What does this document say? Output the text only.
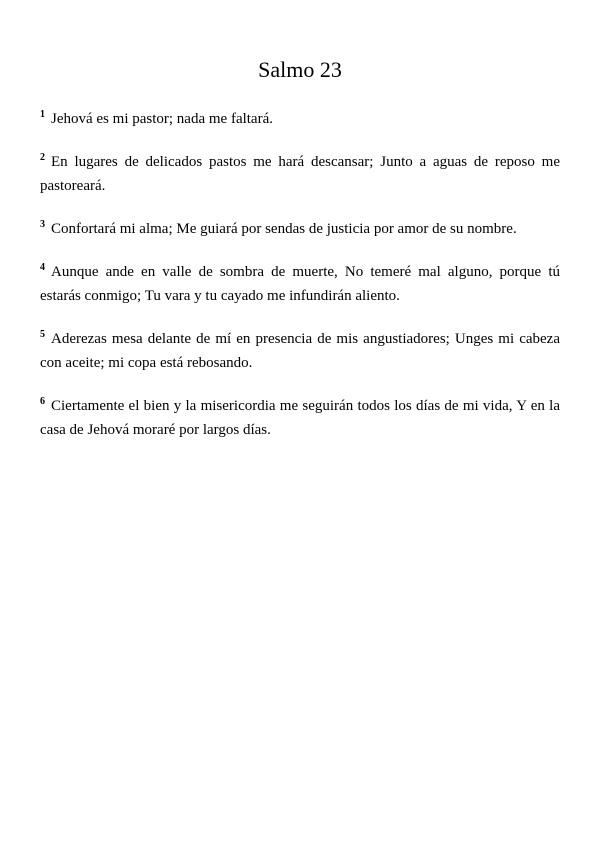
Salmo 23

$^1$ Jehová es mi pastor; nada me faltará.

$^2$ En lugares de delicados pastos me hará descansar; Junto a aguas de reposo me pastoreará.

$^3$ Confortará mi alma; Me guiará por sendas de justicia por amor de su nombre.

$^4$ Aunque ande en valle de sombra de muerte, No temeré mal alguno, porque tú estarás conmigo; Tu vara y tu cayado me infundirán aliento.

$^5$ Aderezas mesa delante de mí en presencia de mis angustiadores; Unges mi cabeza con aceite; mi copa está rebosando.

$^6$ Ciertamente el bien y la misericordia me seguirán todos los días de mi vida, Y en la casa de Jehová moraré por largos días.
